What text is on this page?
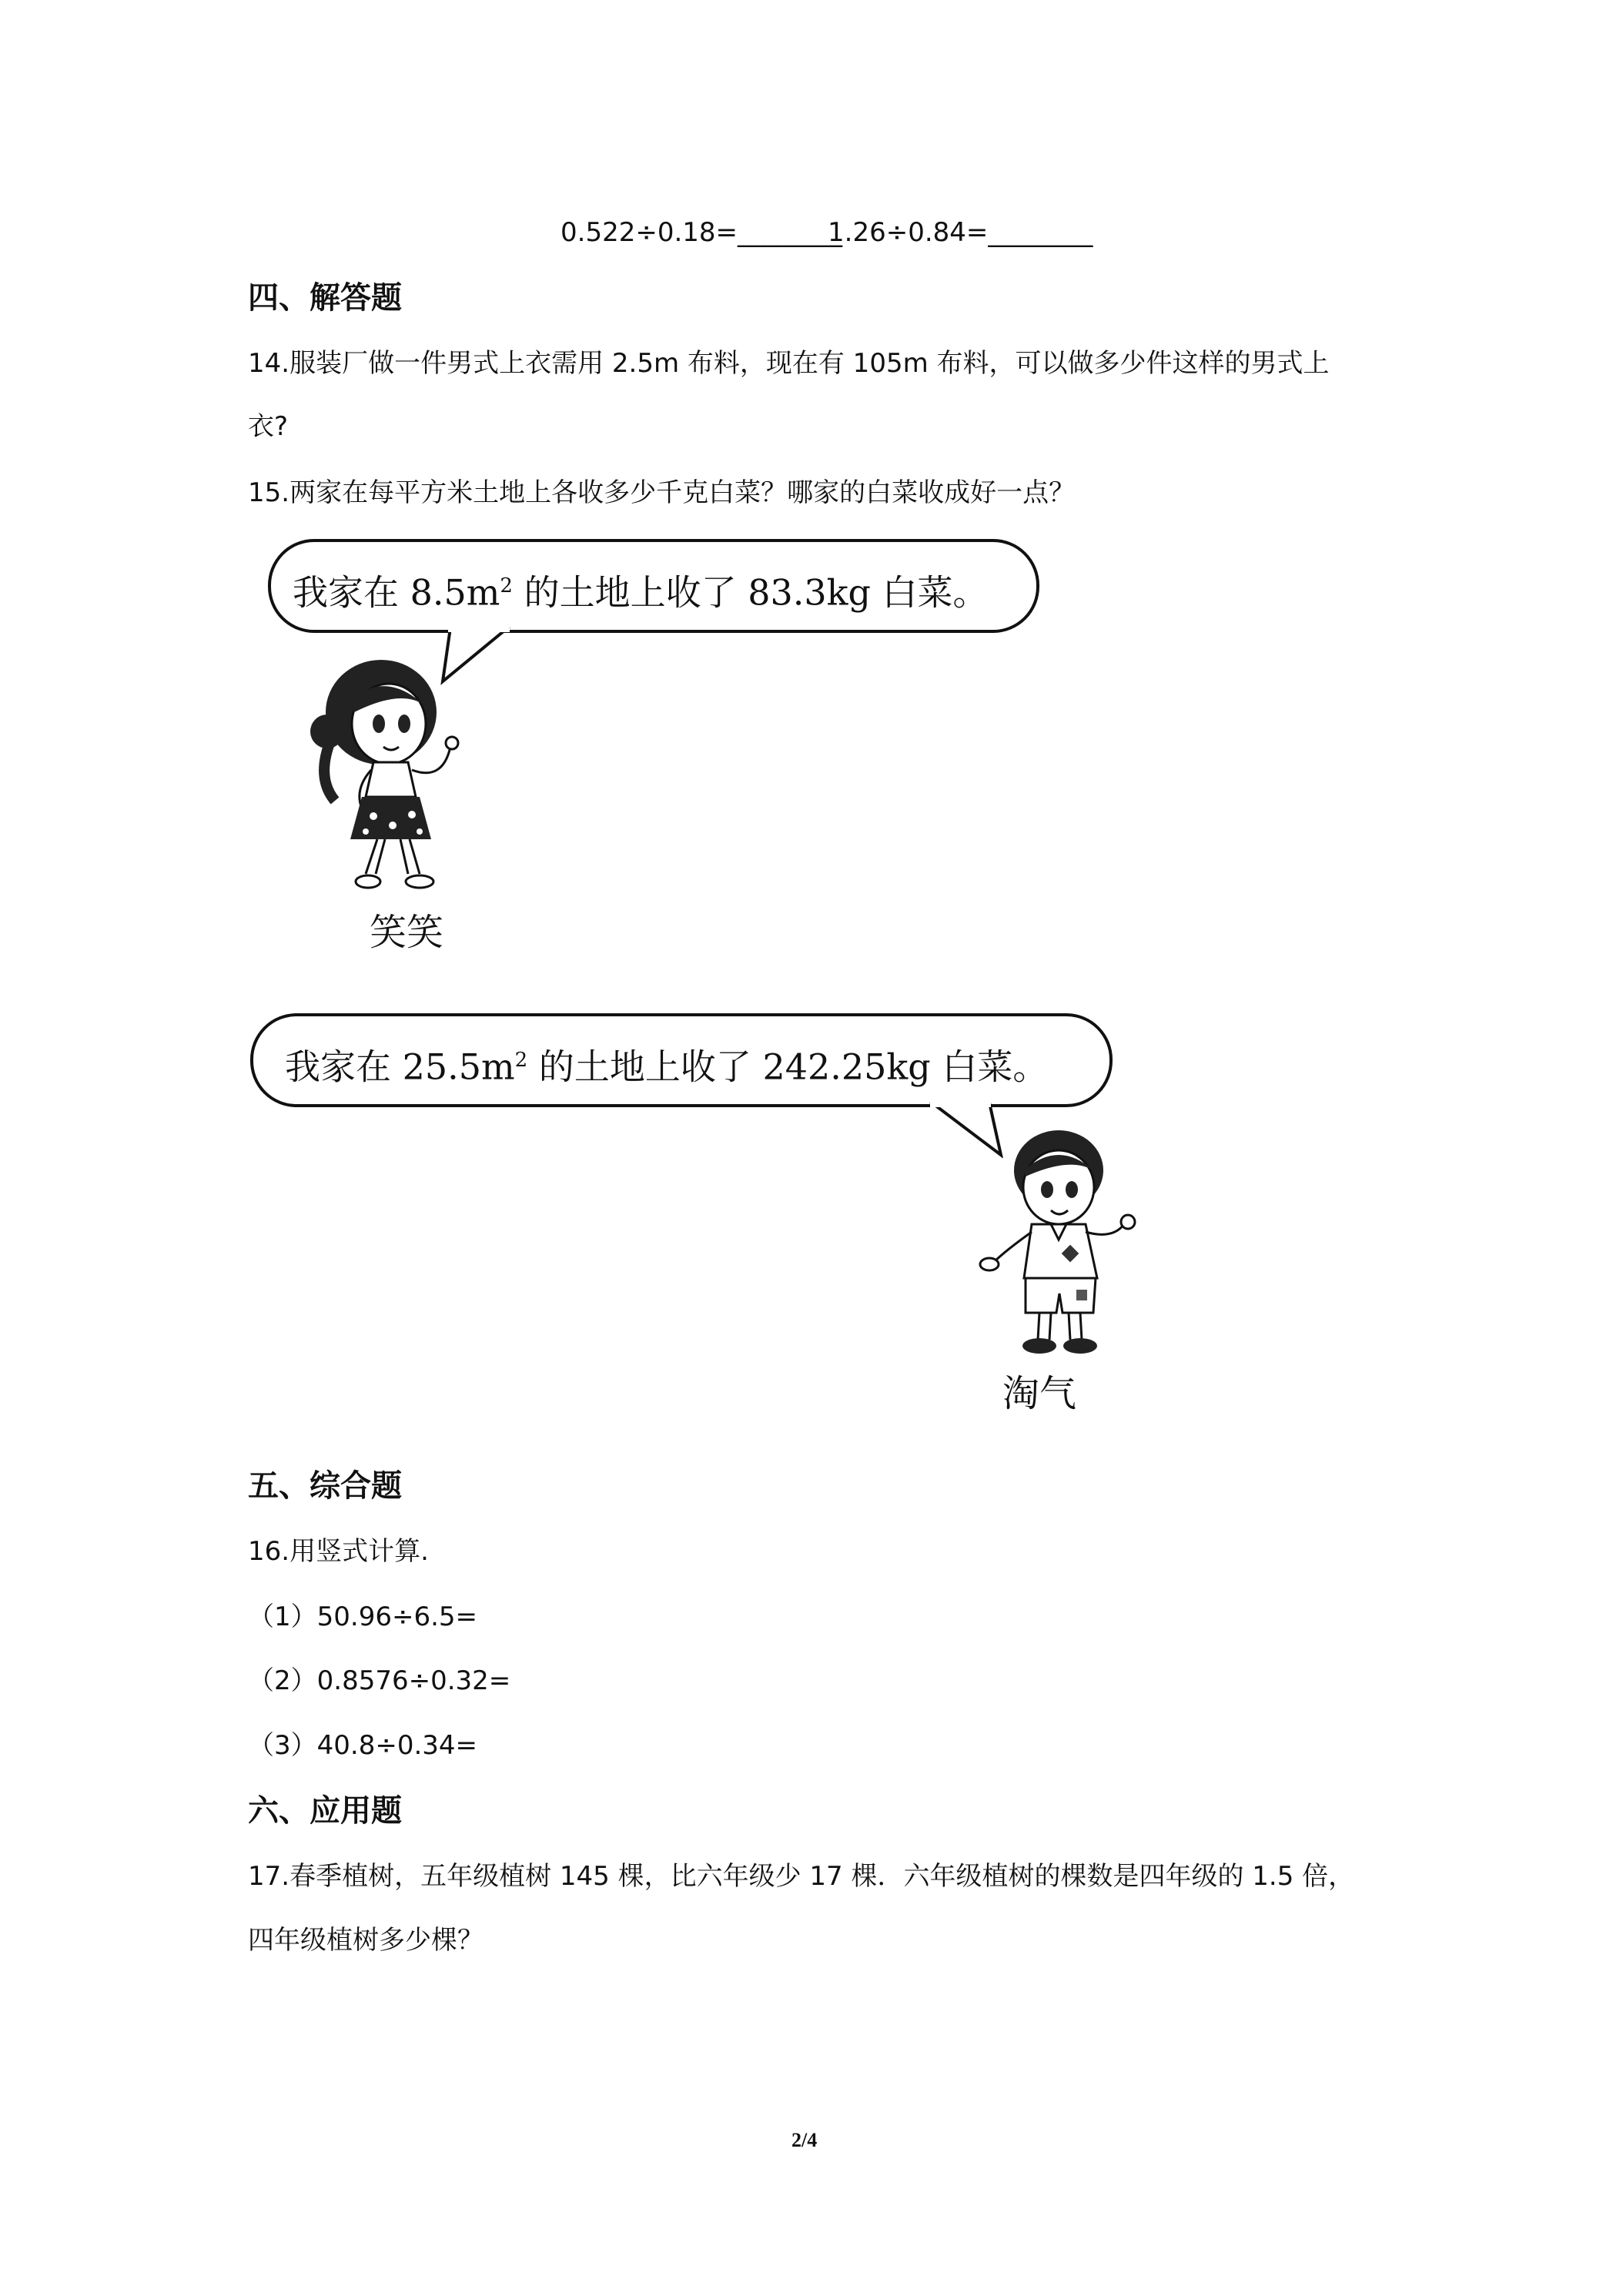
0.522÷0.18=________
1.26÷0.84=________
四、解答题
14.服装厂做一件男式上衣需用 2.5m 布料，现在有 105m 布料，可以做多少件这样的男式上
衣?
15.两家在每平方米土地上各收多少千克白菜？哪家的白菜收成好一点？
我家在 $8.5m^2$ 的土地上收了 83.3kg 白菜。
笑笑
我家在 $25.5m^2$ 的土地上收了 242.25kg 白菜。
淘气
五、综合题
16.用竖式计算.
（1）50.96÷6.5=
（2）0.8576÷0.32=
（3）40.8÷0.34=
六、应用题
17.春季植树，五年级植树 145 棵，比六年级少 17 棵．六年级植树的棵数是四年级的 1.5 倍，
四年级植树多少棵？
2/4
